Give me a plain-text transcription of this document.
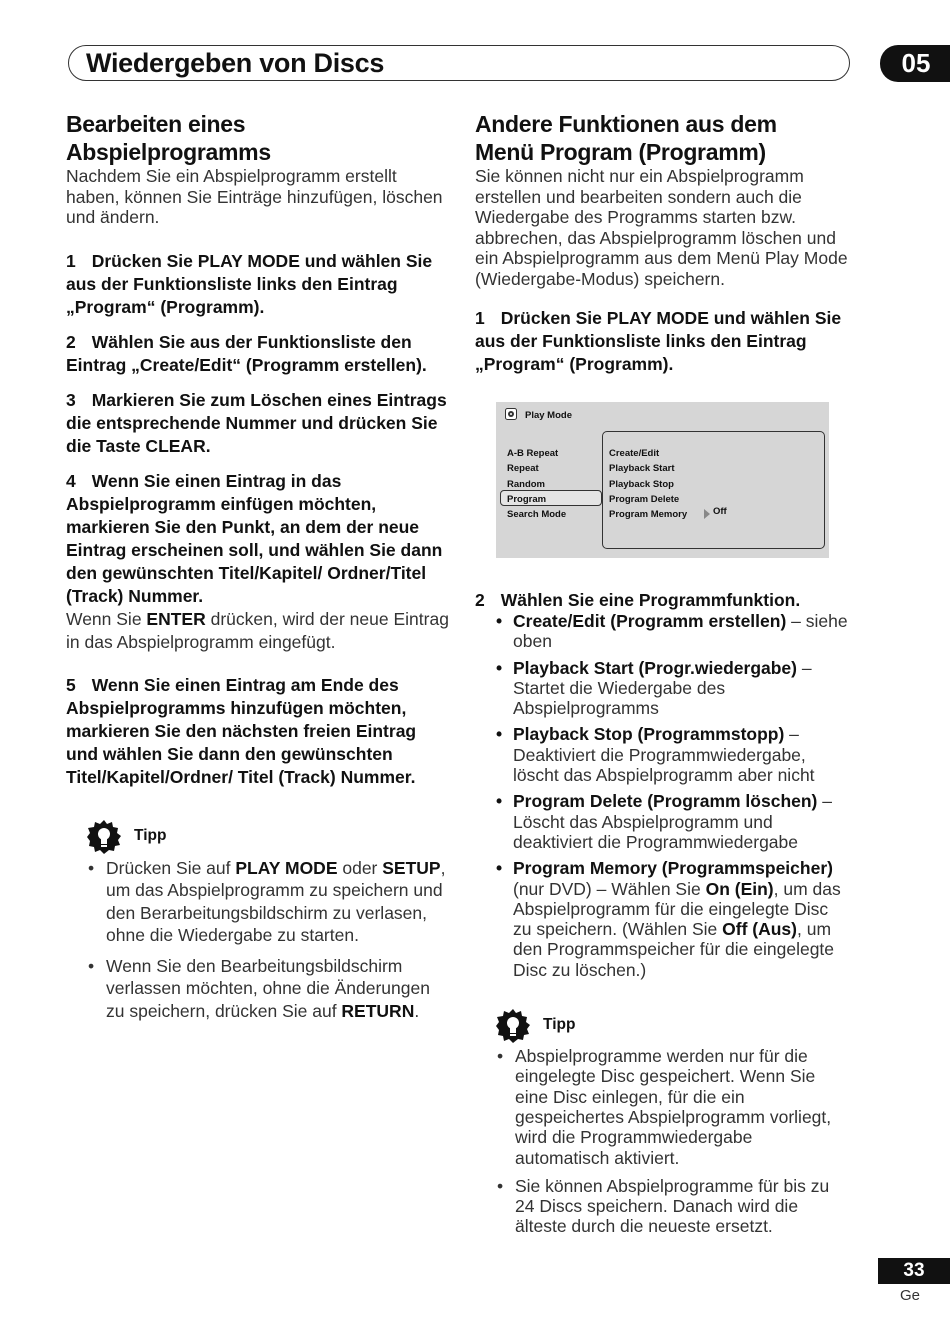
Wiedergeben von Discs	05
Bearbeiten eines Abspielprogramms

Nachdem Sie ein Abspielprogramm erstellt haben, können Sie Einträge hinzufügen, löschen und ändern.

1 Drücken Sie PLAY MODE und wählen Sie aus der Funktionsliste links den Eintrag „Program“ (Programm).

2 Wählen Sie aus der Funktionsliste den Eintrag „Create/Edit“ (Programm erstellen).

3 Markieren Sie zum Löschen eines Eintrags die entsprechende Nummer und drücken Sie die Taste CLEAR.

4 Wenn Sie einen Eintrag in das Abspielprogramm einfügen möchten, markieren Sie den Punkt, an dem der neue Eintrag erscheinen soll, und wählen Sie dann den gewünschten Titel/Kapitel/ Ordner/Titel (Track) Nummer.

Wenn Sie ENTER drücken, wird der neue Eintrag in das Abspielprogramm eingefügt.

5 Wenn Sie einen Eintrag am Ende des Abspielprogramms hinzufügen möchten, markieren Sie den nächsten freien Eintrag und wählen Sie dann den gewünschten Titel/Kapitel/Ordner/ Titel (Track) Nummer.

Tipp
• Drücken Sie auf PLAY MODE oder SETUP, um das Abspielprogramm zu speichern und den Berarbeitungsbildschirm zu verlasen, ohne die Wiedergabe zu starten.
• Wenn Sie den Bearbeitungsbildschirm verlassen möchten, ohne die Änderungen zu speichern, drücken Sie auf RETURN.
Andere Funktionen aus dem Menü Program (Programm)

Sie können nicht nur ein Abspielprogramm erstellen und bearbeiten sondern auch die Wiedergabe des Programms starten bzw. abbrechen, das Abspielprogramm löschen und ein Abspielprogramm aus dem Menü Play Mode (Wiedergabe-Modus) speichern.

1 Drücken Sie PLAY MODE und wählen Sie aus der Funktionsliste links den Eintrag „Program“ (Programm).

Play Mode
A-B Repeat
Repeat
Random
Program
Search Mode
Create/Edit
Playback Start
Playback Stop
Program Delete
Program Memory	Off

2 Wählen Sie eine Programmfunktion.

• Create/Edit (Programm erstellen) – siehe oben
• Playback Start (Progr.wiedergabe) – Startet die Wiedergabe des Abspielprogramms
• Playback Stop (Programmstopp) – Deaktiviert die Programmwiedergabe, löscht das Abspielprogramm aber nicht
• Program Delete (Programm löschen) – Löscht das Abspielprogramm und deaktiviert die Programmwiedergabe
• Program Memory (Programmspeicher) (nur DVD) – Wählen Sie On (Ein), um das Abspielprogramm für die eingelegte Disc zu speichern. (Wählen Sie Off (Aus), um den Programmspeicher für die eingelegte Disc zu löschen.)
Tipp
• Abspielprogramme werden nur für die eingelegte Disc gespeichert. Wenn Sie eine Disc einlegen, für die ein gespeichertes Abspielprogramm vorliegt, wird die Programmwiedergabe automatisch aktiviert.
• Sie können Abspielprogramme für bis zu 24 Discs speichern. Danach wird die älteste durch die neueste ersetzt.
33
Ge
